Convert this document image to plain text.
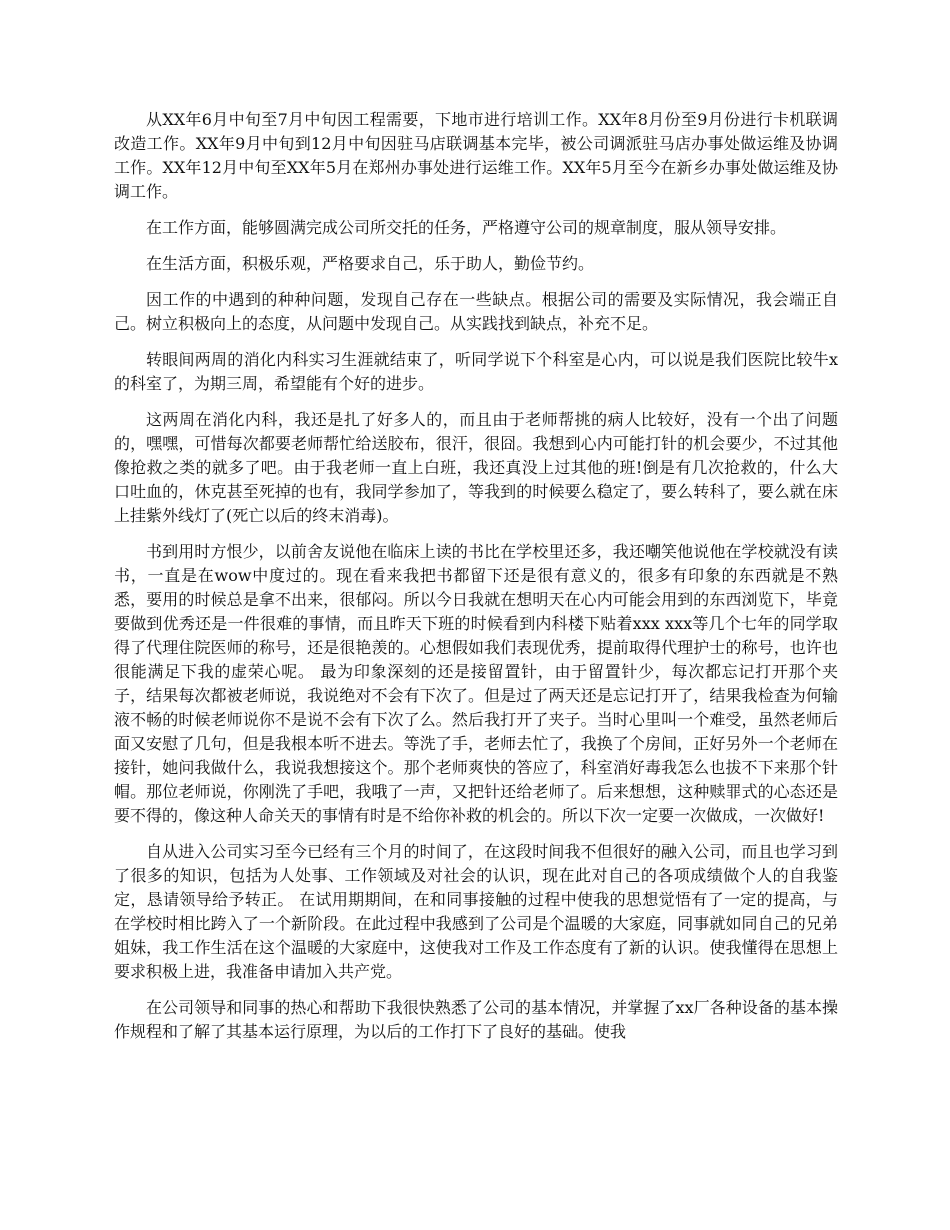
从XX年6月中旬至7月中旬因工程需要，下地市进行培训工作。XX年8月份至9月份进行卡机联调改造工作。XX年9月中旬到12月中旬因驻马店联调基本完毕，被公司调派驻马店办事处做运维及协调工作。XX年12月中旬至XX年5月在郑州办事处进行运维工作。XX年5月至今在新乡办事处做运维及协调工作。

在工作方面，能够圆满完成公司所交托的任务，严格遵守公司的规章制度，服从领导安排。

在生活方面，积极乐观，严格要求自己，乐于助人，勤俭节约。

因工作的中遇到的种种问题，发现自己存在一些缺点。根据公司的需要及实际情况，我会端正自己。树立积极向上的态度，从问题中发现自己。从实践找到缺点，补充不足。

转眼间两周的消化内科实习生涯就结束了，听同学说下个科室是心内，可以说是我们医院比较牛x的科室了，为期三周，希望能有个好的进步。

这两周在消化内科，我还是扎了好多人的，而且由于老师帮挑的病人比较好，没有一个出了问题的，嘿嘿，可惜每次都要老师帮忙给送胶布，很汗，很囧。我想到心内可能打针的机会要少，不过其他像抢救之类的就多了吧。由于我老师一直上白班，我还真没上过其他的班!倒是有几次抢救的，什么大口吐血的，休克甚至死掉的也有，我同学参加了，等我到的时候要么稳定了，要么转科了，要么就在床上挂紫外线灯了(死亡以后的终末消毒)。

书到用时方恨少，以前舍友说他在临床上读的书比在学校里还多，我还嘲笑他说他在学校就没有读书，一直是在wow中度过的。现在看来我把书都留下还是很有意义的，很多有印象的东西就是不熟悉，要用的时候总是拿不出来，很郁闷。所以今日我就在想明天在心内可能会用到的东西浏览下，毕竟要做到优秀还是一件很难的事情，而且昨天下班的时候看到内科楼下贴着xxx xxx等几个七年的同学取得了代理住院医师的称号，还是很艳羡的。心想假如我们表现优秀，提前取得代理护士的称号，也许也很能满足下我的虚荣心呢。 最为印象深刻的还是接留置针，由于留置针少，每次都忘记打开那个夹子，结果每次都被老师说，我说绝对不会有下次了。但是过了两天还是忘记打开了，结果我检查为何输液不畅的时候老师说你不是说不会有下次了么。然后我打开了夹子。当时心里叫一个难受，虽然老师后面又安慰了几句，但是我根本听不进去。等洗了手，老师去忙了，我换了个房间，正好另外一个老师在接针，她问我做什么，我说我想接这个。那个老师爽快的答应了，科室消好毒我怎么也拔不下来那个针帽。那位老师说，你刚洗了手吧，我哦了一声，又把针还给老师了。后来想想，这种赎罪式的心态还是要不得的，像这种人命关天的事情有时是不给你补救的机会的。所以下次一定要一次做成，一次做好!

自从进入公司实习至今已经有三个月的时间了，在这段时间我不但很好的融入公司，而且也学习到了很多的知识，包括为人处事、工作领域及对社会的认识，现在此对自己的各项成绩做个人的自我鉴定，恳请领导给予转正。 在试用期期间，在和同事接触的过程中使我的思想觉悟有了一定的提高，与在学校时相比跨入了一个新阶段。在此过程中我感到了公司是个温暖的大家庭，同事就如同自己的兄弟姐妹，我工作生活在这个温暖的大家庭中，这使我对工作及工作态度有了新的认识。使我懂得在思想上要求积极上进，我准备申请加入共产党。

在公司领导和同事的热心和帮助下我很快熟悉了公司的基本情况，并掌握了xx厂各种设备的基本操作规程和了解了其基本运行原理，为以后的工作打下了良好的基础。使我
